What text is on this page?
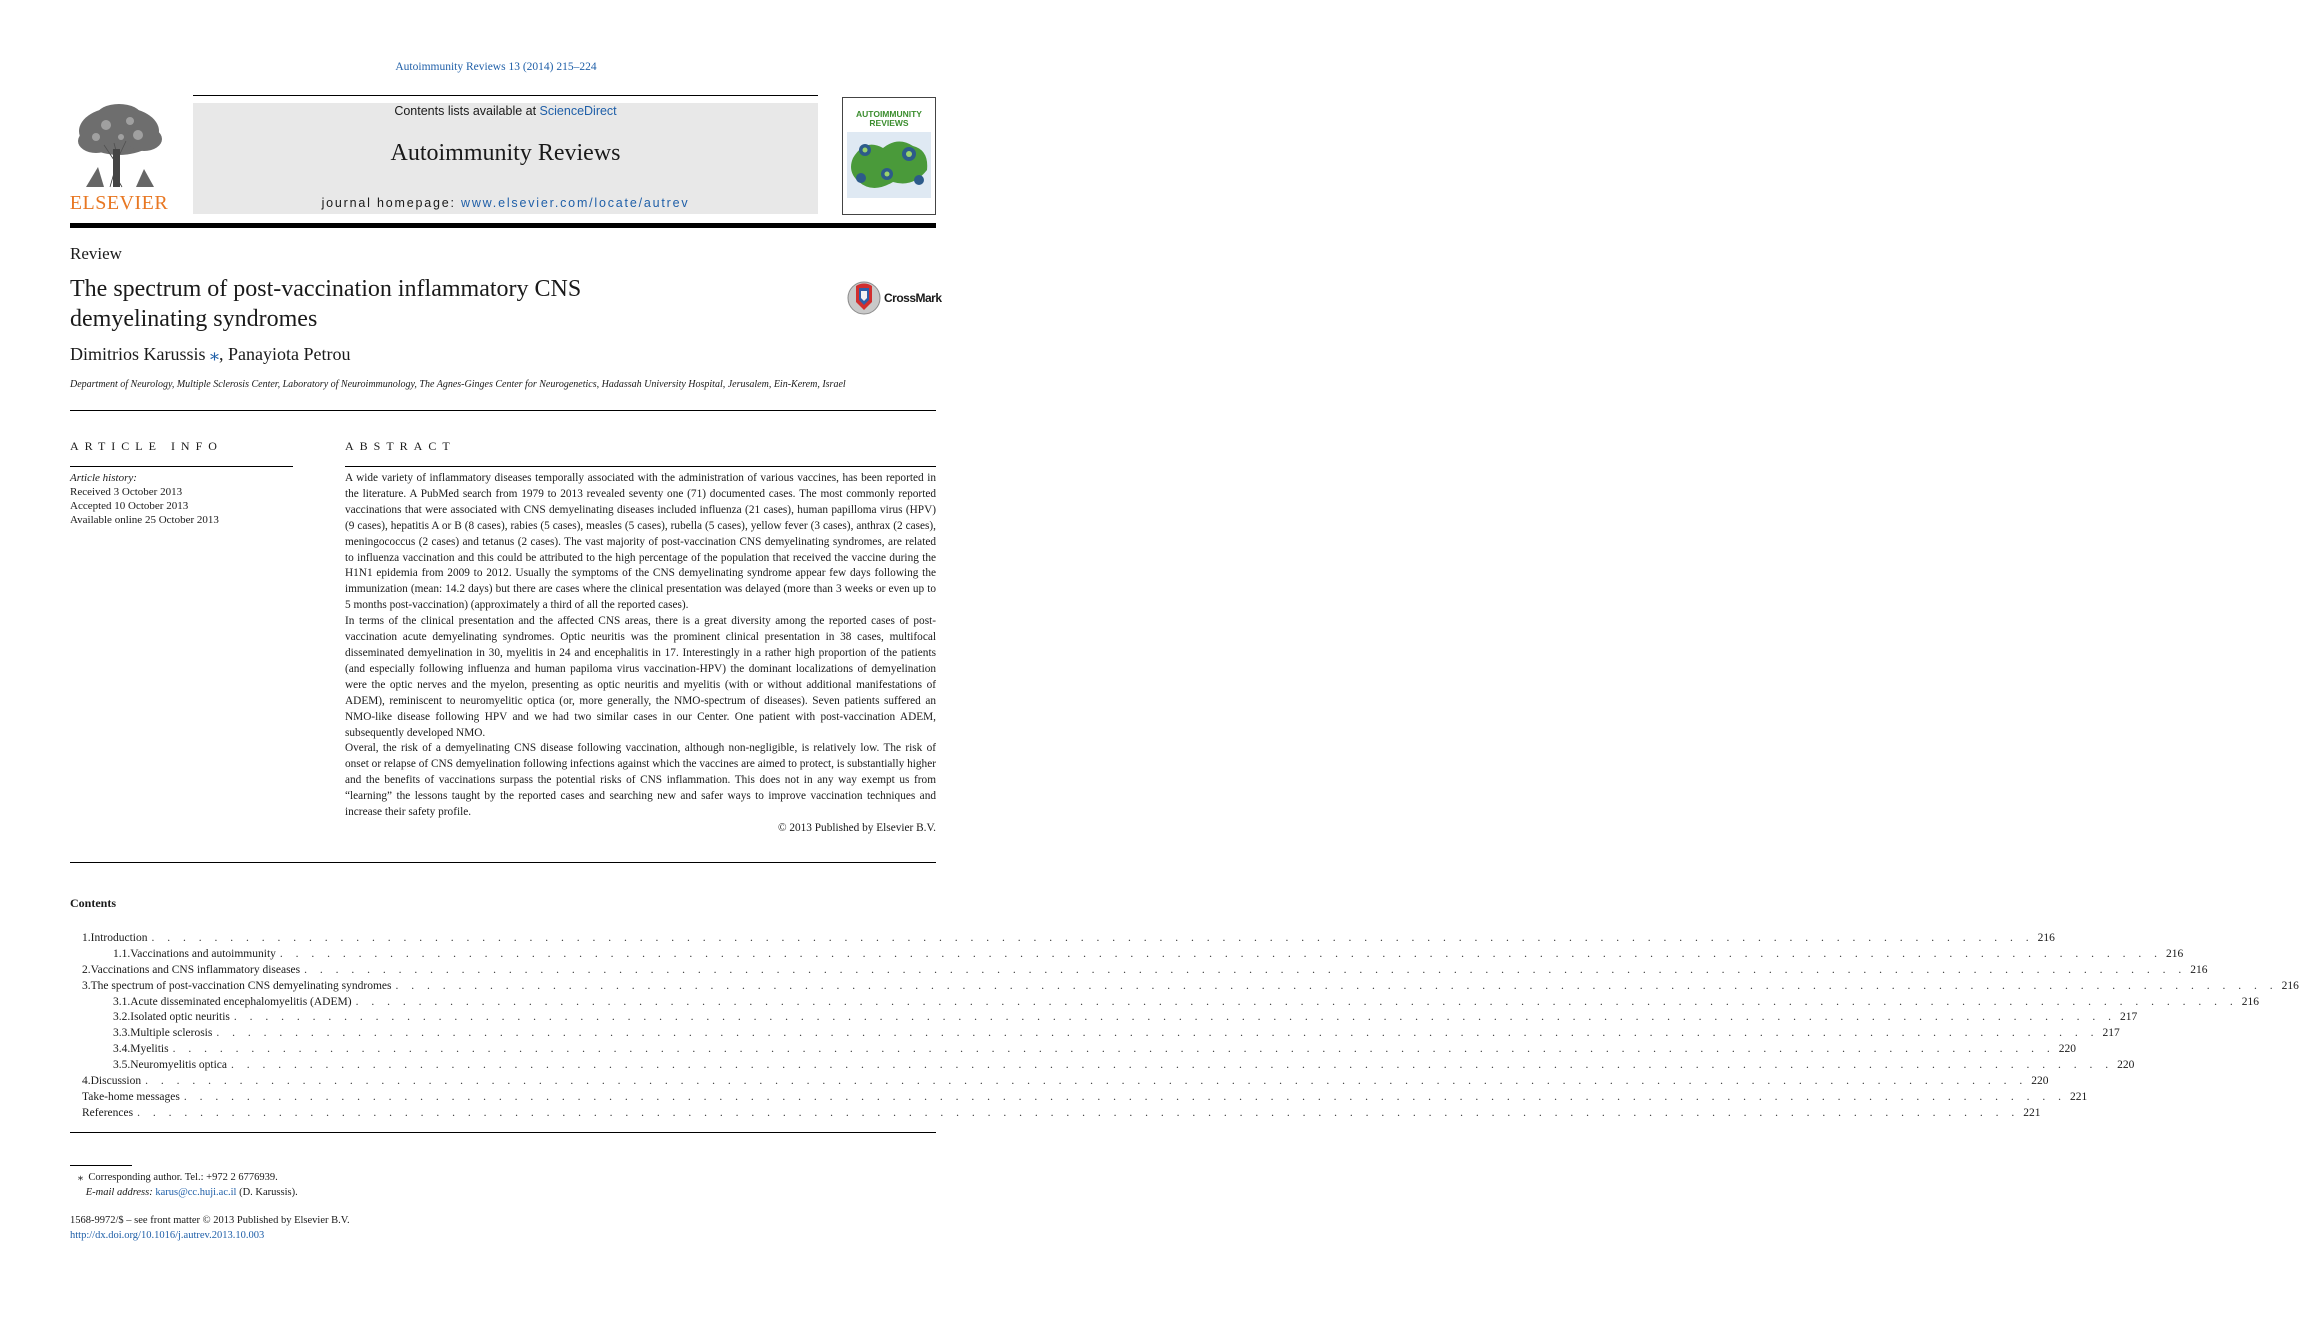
Autoimmunity Reviews 13 (2014) 215–224
ELSEVIER
Contents lists available at ScienceDirect
Autoimmunity Reviews
journal homepage: www.elsevier.com/locate/autrev
AUTOIMMUNITY
REVIEWS
Review
The spectrum of post-vaccination inflammatory CNS
demyelinating syndromes
CrossMark
Dimitrios Karussis ⁎, Panayiota Petrou
Department of Neurology, Multiple Sclerosis Center, Laboratory of Neuroimmunology, The Agnes-Ginges Center for Neurogenetics, Hadassah University Hospital, Jerusalem, Ein-Kerem, Israel
ARTICLE INFO
Article history:
Received 3 October 2013
Accepted 10 October 2013
Available online 25 October 2013
ABSTRACT

A wide variety of inflammatory diseases temporally associated with the administration of various vaccines, has been reported in the literature. A PubMed search from 1979 to 2013 revealed seventy one (71) documented cases. The most commonly reported vaccinations that were associated with CNS demyelinating diseases included influenza (21 cases), human papilloma virus (HPV) (9 cases), hepatitis A or B (8 cases), rabies (5 cases), measles (5 cases), rubella (5 cases), yellow fever (3 cases), anthrax (2 cases), meningococcus (2 cases) and tetanus (2 cases). The vast majority of post-vaccination CNS demyelinating syndromes, are related to influenza vaccination and this could be attributed to the high percentage of the population that received the vaccine during the H1N1 epidemia from 2009 to 2012. Usually the symptoms of the CNS demyelinating syndrome appear few days following the immunization (mean: 14.2 days) but there are cases where the clinical presentation was delayed (more than 3 weeks or even up to 5 months post-vaccination) (approximately a third of all the reported cases).

In terms of the clinical presentation and the affected CNS areas, there is a great diversity among the reported cases of post-vaccination acute demyelinating syndromes. Optic neuritis was the prominent clinical presentation in 38 cases, multifocal disseminated demyelination in 30, myelitis in 24 and encephalitis in 17. Interestingly in a rather high proportion of the patients (and especially following influenza and human papiloma virus vaccination-HPV) the dominant localizations of demyelination were the optic nerves and the myelon, presenting as optic neuritis and myelitis (with or without additional manifestations of ADEM), reminiscent to neuromyelitic optica (or, more generally, the NMO-spectrum of diseases). Seven patients suffered an NMO-like disease following HPV and we had two similar cases in our Center. One patient with post-vaccination ADEM, subsequently developed NMO.

Overal, the risk of a demyelinating CNS disease following vaccination, although non-negligible, is relatively low. The risk of onset or relapse of CNS demyelination following infections against which the vaccines are aimed to protect, is substantially higher and the benefits of vaccinations surpass the potential risks of CNS inflammation. This does not in any way exempt us from “learning” the lessons taught by the reported cases and searching new and safer ways to improve vaccination techniques and increase their safety profile.

© 2013 Published by Elsevier B.V.

Contents
1. Introduction . . . . . . . . . . . . . . . . . . . . . . . . . . . . . . . . . . . . . . . . . . . . . . . . . . . . . . . . . . . . . . . . . . . . . . . . . . . . . . . . . . . . . . . . . . . . . . . . . . . . . . . . . . . . . . . . . . . . . . . . 216
1.1. Vaccinations and autoimmunity . . . . . . . . . . . . . . . . . . . . . . . . . . . . . . . . . . . . . . . . . . . . . . . . . . . . . . . . . . . . . . . . . . . . . . . . . . . . . . . . . . . . . . . . . . . . . . . . . . . . . . . . . . . . . . . . . . . . . . . . 216
2. Vaccinations and CNS inflammatory diseases . . . . . . . . . . . . . . . . . . . . . . . . . . . . . . . . . . . . . . . . . . . . . . . . . . . . . . . . . . . . . . . . . . . . . . . . . . . . . . . . . . . . . . . . . . . . . . . . . . . . . . . . . . . . . . . . . . . . . . . . 216
3. The spectrum of post-vaccination CNS demyelinating syndromes . . . . . . . . . . . . . . . . . . . . . . . . . . . . . . . . . . . . . . . . . . . . . . . . . . . . . . . . . . . . . . . . . . . . . . . . . . . . . . . . . . . . . . . . . . . . . . . . . . . . . . . . . . . . . . . . . . . . . . . . 216
3.1. Acute disseminated encephalomyelitis (ADEM) . . . . . . . . . . . . . . . . . . . . . . . . . . . . . . . . . . . . . . . . . . . . . . . . . . . . . . . . . . . . . . . . . . . . . . . . . . . . . . . . . . . . . . . . . . . . . . . . . . . . . . . . . . . . . . . . . . . . . . . . 216
3.2. Isolated optic neuritis . . . . . . . . . . . . . . . . . . . . . . . . . . . . . . . . . . . . . . . . . . . . . . . . . . . . . . . . . . . . . . . . . . . . . . . . . . . . . . . . . . . . . . . . . . . . . . . . . . . . . . . . . . . . . . . . . . . . . . . . 217
3.3. Multiple sclerosis . . . . . . . . . . . . . . . . . . . . . . . . . . . . . . . . . . . . . . . . . . . . . . . . . . . . . . . . . . . . . . . . . . . . . . . . . . . . . . . . . . . . . . . . . . . . . . . . . . . . . . . . . . . . . . . . . . . . . . . . 217
3.4. Myelitis . . . . . . . . . . . . . . . . . . . . . . . . . . . . . . . . . . . . . . . . . . . . . . . . . . . . . . . . . . . . . . . . . . . . . . . . . . . . . . . . . . . . . . . . . . . . . . . . . . . . . . . . . . . . . . . . . . . . . . . . 220
3.5. Neuromyelitis optica . . . . . . . . . . . . . . . . . . . . . . . . . . . . . . . . . . . . . . . . . . . . . . . . . . . . . . . . . . . . . . . . . . . . . . . . . . . . . . . . . . . . . . . . . . . . . . . . . . . . . . . . . . . . . . . . . . . . . . . . 220
4. Discussion . . . . . . . . . . . . . . . . . . . . . . . . . . . . . . . . . . . . . . . . . . . . . . . . . . . . . . . . . . . . . . . . . . . . . . . . . . . . . . . . . . . . . . . . . . . . . . . . . . . . . . . . . . . . . . . . . . . . . . . . 220
Take-home messages . . . . . . . . . . . . . . . . . . . . . . . . . . . . . . . . . . . . . . . . . . . . . . . . . . . . . . . . . . . . . . . . . . . . . . . . . . . . . . . . . . . . . . . . . . . . . . . . . . . . . . . . . . . . . . . . . . . . . . . . 221
References . . . . . . . . . . . . . . . . . . . . . . . . . . . . . . . . . . . . . . . . . . . . . . . . . . . . . . . . . . . . . . . . . . . . . . . . . . . . . . . . . . . . . . . . . . . . . . . . . . . . . . . . . . . . . . . . . . . . . . . . 221
⁎ Corresponding author. Tel.: +972 2 6776939.
E-mail address: karus@cc.huji.ac.il (D. Karussis).
1568-9972/$ – see front matter © 2013 Published by Elsevier B.V.
http://dx.doi.org/10.1016/j.autrev.2013.10.003
